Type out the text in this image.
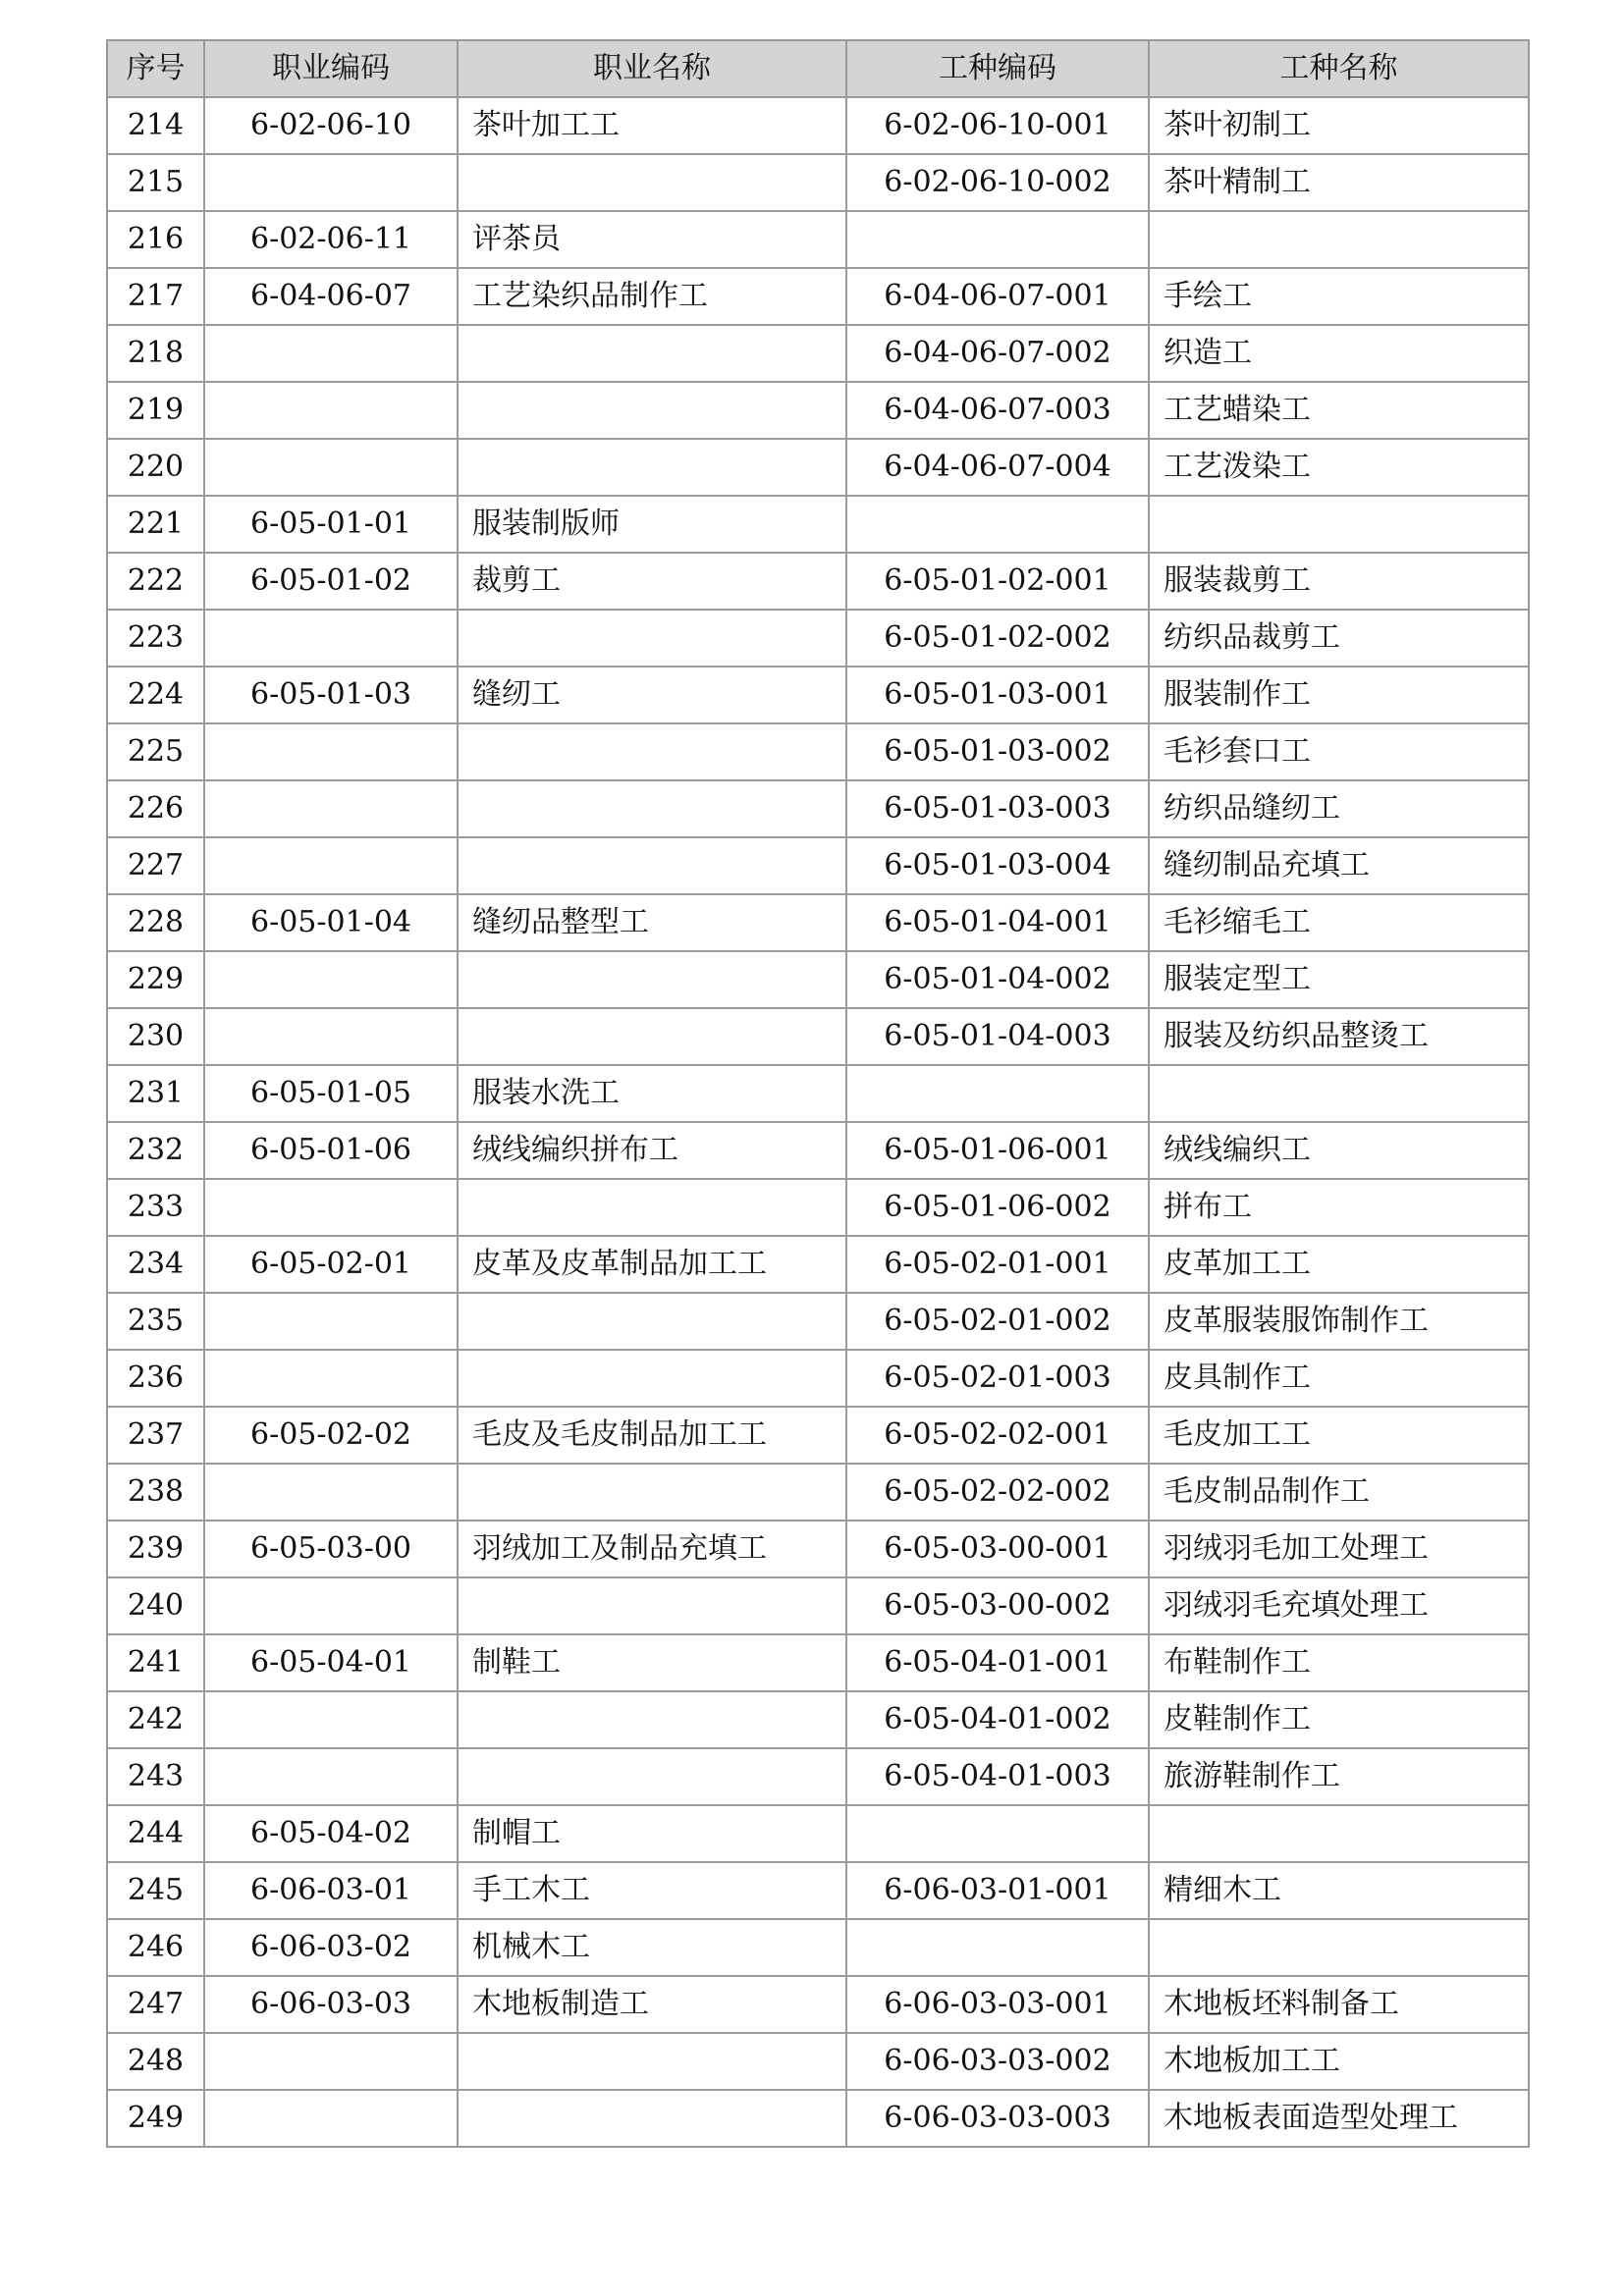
序号	职业编码	职业名称	工种编码	工种名称
214	6-02-06-10	茶叶加工工	6-02-06-10-001	茶叶初制工
215			6-02-06-10-002	茶叶精制工
216	6-02-06-11	评茶员		
217	6-04-06-07	工艺染织品制作工	6-04-06-07-001	手绘工
218			6-04-06-07-002	织造工
219			6-04-06-07-003	工艺蜡染工
220			6-04-06-07-004	工艺泼染工
221	6-05-01-01	服装制版师		
222	6-05-01-02	裁剪工	6-05-01-02-001	服装裁剪工
223			6-05-01-02-002	纺织品裁剪工
224	6-05-01-03	缝纫工	6-05-01-03-001	服装制作工
225			6-05-01-03-002	毛衫套口工
226			6-05-01-03-003	纺织品缝纫工
227			6-05-01-03-004	缝纫制品充填工
228	6-05-01-04	缝纫品整型工	6-05-01-04-001	毛衫缩毛工
229			6-05-01-04-002	服装定型工
230			6-05-01-04-003	服装及纺织品整烫工
231	6-05-01-05	服装水洗工		
232	6-05-01-06	绒线编织拼布工	6-05-01-06-001	绒线编织工
233			6-05-01-06-002	拼布工
234	6-05-02-01	皮革及皮革制品加工工	6-05-02-01-001	皮革加工工
235			6-05-02-01-002	皮革服装服饰制作工
236			6-05-02-01-003	皮具制作工
237	6-05-02-02	毛皮及毛皮制品加工工	6-05-02-02-001	毛皮加工工
238			6-05-02-02-002	毛皮制品制作工
239	6-05-03-00	羽绒加工及制品充填工	6-05-03-00-001	羽绒羽毛加工处理工
240			6-05-03-00-002	羽绒羽毛充填处理工
241	6-05-04-01	制鞋工	6-05-04-01-001	布鞋制作工
242			6-05-04-01-002	皮鞋制作工
243			6-05-04-01-003	旅游鞋制作工
244	6-05-04-02	制帽工		
245	6-06-03-01	手工木工	6-06-03-01-001	精细木工
246	6-06-03-02	机械木工		
247	6-06-03-03	木地板制造工	6-06-03-03-001	木地板坯料制备工
248			6-06-03-03-002	木地板加工工
249			6-06-03-03-003	木地板表面造型处理工
